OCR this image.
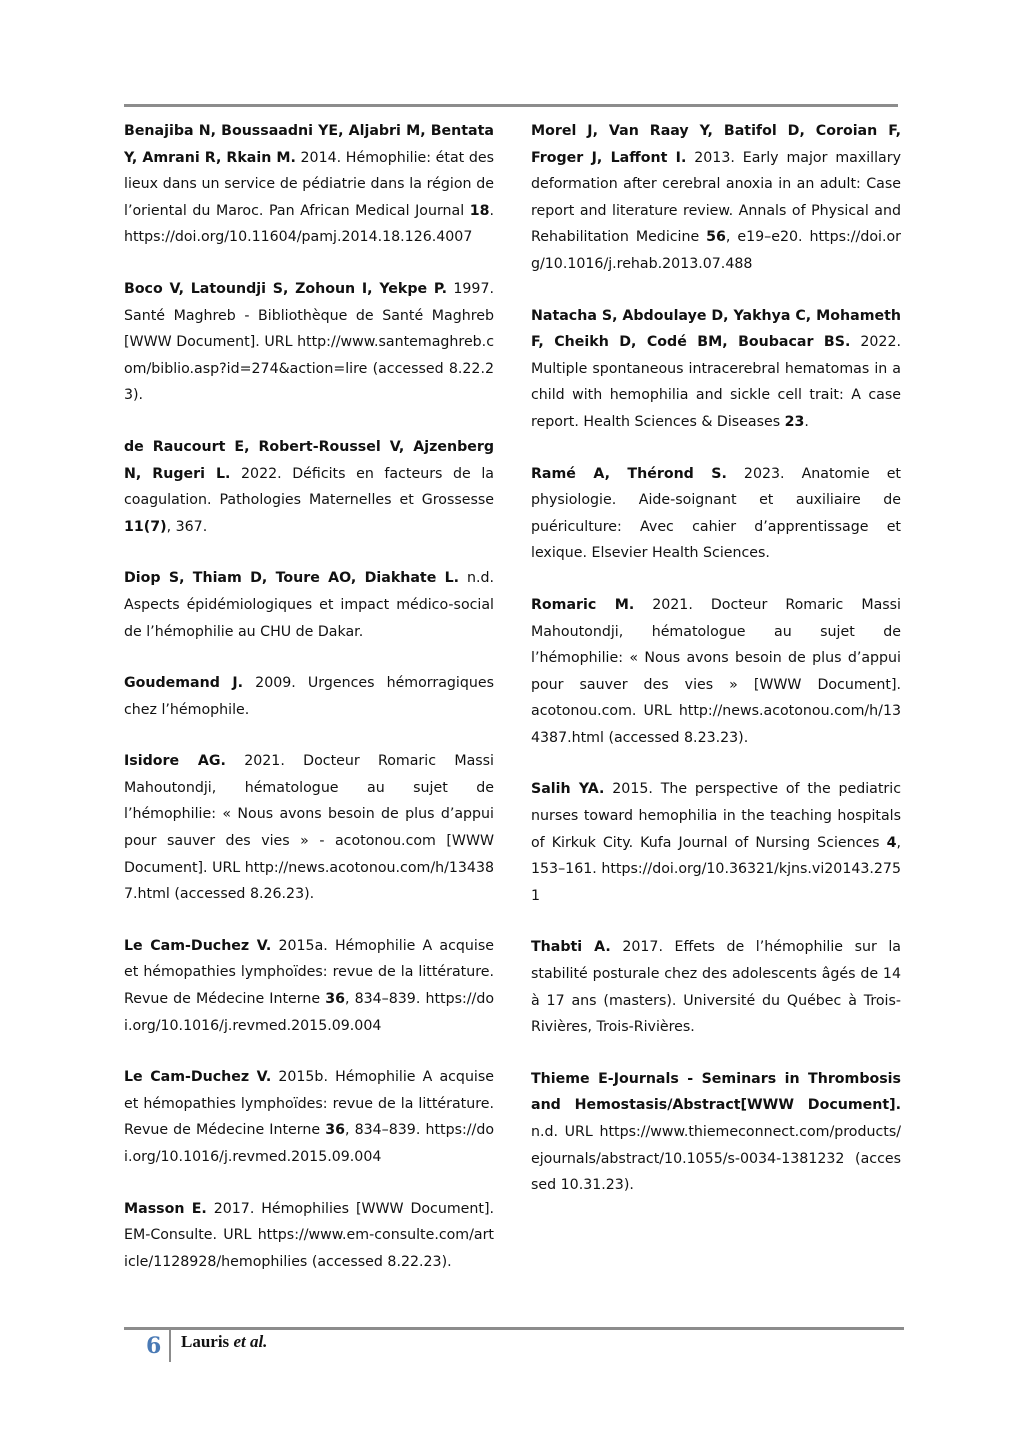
Benajiba N, Boussaadni YE, Aljabri M, Bentata Y, Amrani R, Rkain M. 2014. Hémophilie: état des lieux dans un service de pédiatrie dans la région de l’oriental du Maroc. Pan African Medical Journal 18. https://doi.org/10.11604/pamj.2014.18.126.4007

Boco V, Latoundji S, Zohoun I, Yekpe P. 1997. Santé Maghreb - Bibliothèque de Santé Maghreb [WWW Document]. URL http://www.santemaghreb.com/biblio.asp?id=274&action=lire (accessed 8.22.23).

de Raucourt E, Robert-Roussel V, Ajzenberg N, Rugeri L. 2022. Déficits en facteurs de la coagulation. Pathologies Maternelles et Grossesse 11(7), 367.

Diop S, Thiam D, Toure AO, Diakhate L. n.d. Aspects épidémiologiques et impact médico-social de l’hémophilie au CHU de Dakar.

Goudemand J. 2009. Urgences hémorragiques chez l’hémophile.

Isidore AG. 2021. Docteur Romaric Massi Mahoutondji, hématologue au sujet de l’hémophilie: « Nous avons besoin de plus d’appui pour sauver des vies » - acotonou.com [WWW Document]. URL http://news.acotonou.com/h/134387.html (accessed 8.26.23).

Le Cam-Duchez V. 2015a. Hémophilie A acquise et hémopathies lymphoïdes: revue de la littérature. Revue de Médecine Interne 36, 834–839. https://doi.org/10.1016/j.revmed.2015.09.004

Le Cam-Duchez V. 2015b. Hémophilie A acquise et hémopathies lymphoïdes: revue de la littérature. Revue de Médecine Interne 36, 834–839. https://doi.org/10.1016/j.revmed.2015.09.004

Masson E. 2017. Hémophilies [WWW Document]. EM-Consulte. URL https://www.em-consulte.com/article/1128928/hemophilies (accessed 8.22.23).

Morel J, Van Raay Y, Batifol D, Coroian F, Froger J, Laffont I. 2013. Early major maxillary deformation after cerebral anoxia in an adult: Case report and literature review. Annals of Physical and Rehabilitation Medicine 56, e19–e20. https://doi.org/10.1016/j.rehab.2013.07.488

Natacha S, Abdoulaye D, Yakhya C, Mohameth F, Cheikh D, Codé BM, Boubacar BS. 2022. Multiple spontaneous intracerebral hematomas in a child with hemophilia and sickle cell trait: A case report. Health Sciences & Diseases 23.

Ramé A, Thérond S. 2023. Anatomie et physiologie. Aide-soignant et auxiliaire de puériculture: Avec cahier d’apprentissage et lexique. Elsevier Health Sciences.

Romaric M. 2021. Docteur Romaric Massi Mahoutondji, hématologue au sujet de l’hémophilie: « Nous avons besoin de plus d’appui pour sauver des vies » [WWW Document]. acotonou.com. URL http://news.acotonou.com/h/134387.html (accessed 8.23.23).

Salih YA. 2015. The perspective of the pediatric nurses toward hemophilia in the teaching hospitals of Kirkuk City. Kufa Journal of Nursing Sciences 4, 153–161. https://doi.org/10.36321/kjns.vi20143.2751

Thabti A. 2017. Effets de l’hémophilie sur la stabilité posturale chez des adolescents âgés de 14 à 17 ans (masters). Université du Québec à Trois-Rivières, Trois-Rivières.

Thieme E-Journals - Seminars in Thrombosis and Hemostasis/Abstract[WWW Document]. n.d. URL https://www.thiemeconnect.com/products/ejournals/abstract/10.1055/s-0034-1381232 (accessed 10.31.23).

6 Lauris et al.
